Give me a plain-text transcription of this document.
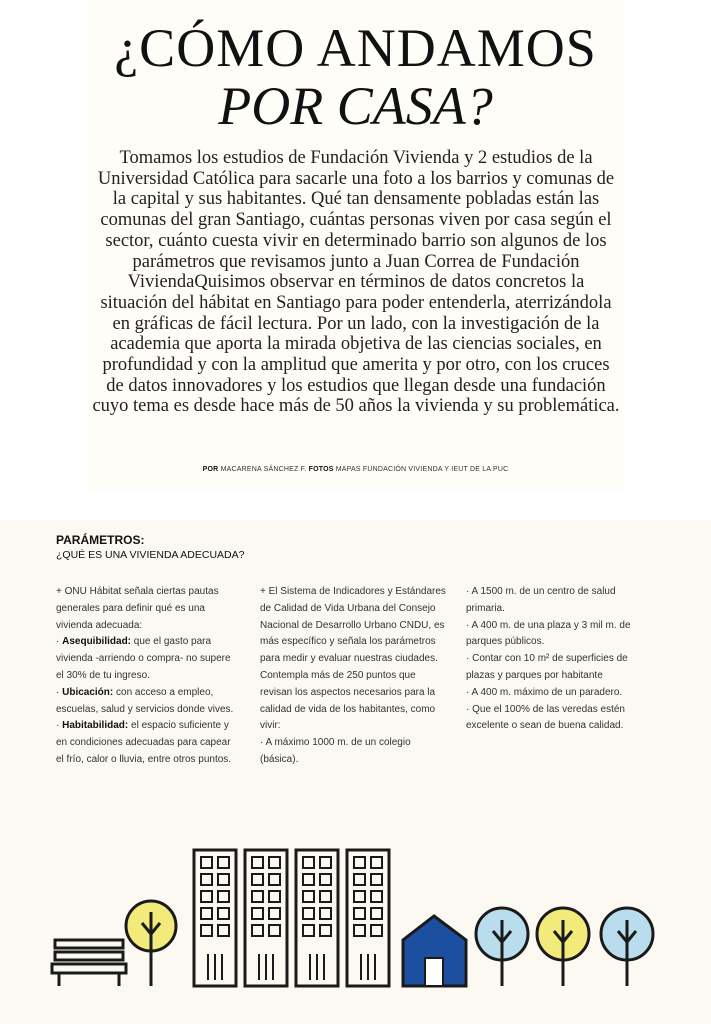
¿CÓMO ANDAMOS
POR CASA?

Tomamos los estudios de Fundación Vivienda y 2 estudios de la Universidad Católica para sacarle una foto a los barrios y comunas de la capital y sus habitantes. Qué tan densamente pobladas están las comunas del gran Santiago, cuántas personas viven por casa según el sector, cuánto cuesta vivir en determinado barrio son algunos de los parámetros que revisamos junto a Juan Correa de Fundación ViviendaQuisimos observar en términos de datos concretos la situación del hábitat en Santiago para poder entenderla, aterrizándola en gráficas de fácil lectura. Por un lado, con la investigación de la academia que aporta la mirada objetiva de las ciencias sociales, en profundidad y con la amplitud que amerita y por otro, con los cruces de datos innovadores y los estudios que llegan desde una fundación cuyo tema es desde hace más de 50 años la vivienda y su problemática.

POR MACARENA SÁNCHEZ F. FOTOS MAPAS FUNDACIÓN VIVIENDA Y IEUT DE LA PUC
PARÁMETROS:
¿QUÉ ES UNA VIVIENDA ADECUADA?

+ ONU Hábitat señala ciertas pautas generales para definir qué es una vivienda adecuada:

· Asequibilidad: que el gasto para vivienda -arriendo o compra- no supere el 30% de tu ingreso.

· Ubicación: con acceso a empleo, escuelas, salud y servicios donde vives.

· Habitabilidad: el espacio suficiente y en condiciones adecuadas para capear el frío, calor o lluvia, entre otros puntos.

+ El Sistema de Indicadores y Estándares de Calidad de Vida Urbana del Consejo Nacional de Desarrollo Urbano CNDU, es más específico y señala los parámetros para medir y evaluar nuestras ciudades. Contempla más de 250 puntos que revisan los aspectos necesarios para la calidad de vida de los habitantes, como vivir:

· A máximo 1000 m. de un colegio (básica).

· A 1500 m. de un centro de salud primaria.

· A 400 m. de una plaza y 3 mil m. de parques públicos.

· Contar con 10 m² de superficies de plazas y parques por habitante

· A 400 m. máximo de un paradero.

· Que el 100% de las veredas estén excelente o sean de buena calidad.
